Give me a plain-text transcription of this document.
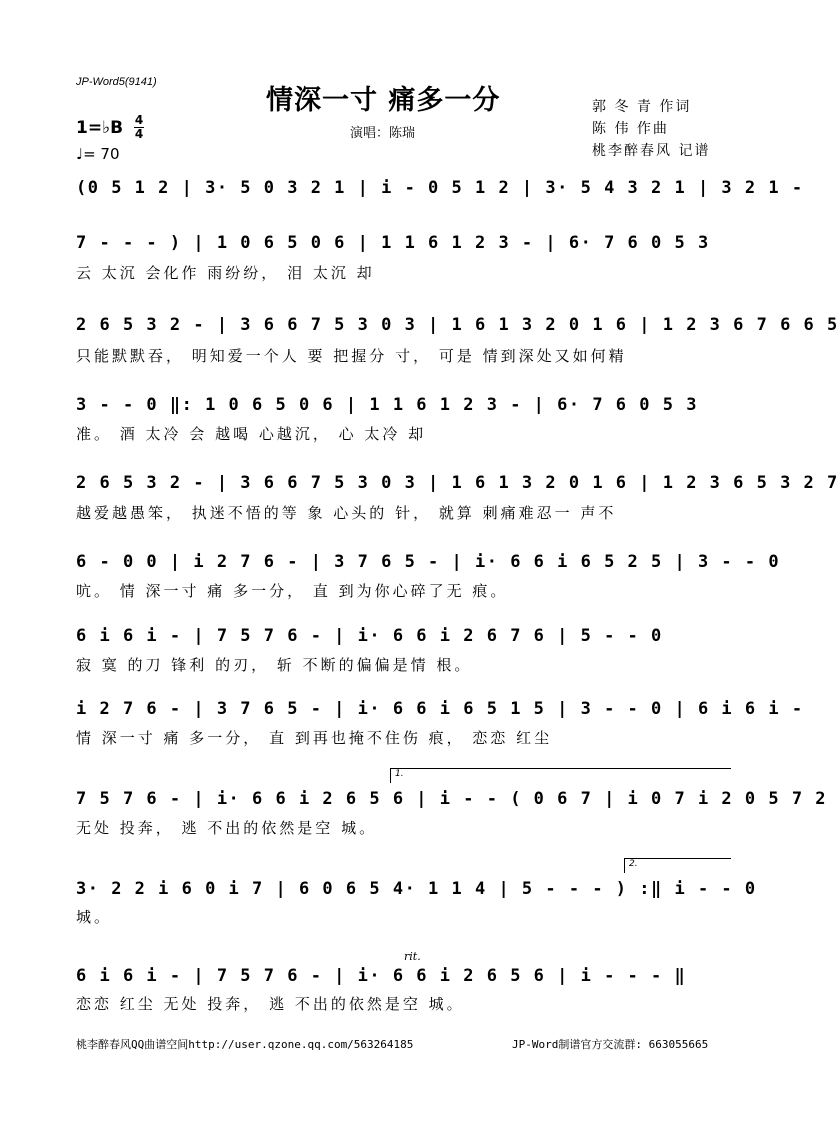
JP-Word5(9141)
情深一寸 痛多一分
演唱：陈瑞
郭 冬 青 作词
陈 伟 作曲
桃李醉春风 记谱
1=♭B 4
4
♩= 70
(0 5 1 2 | 3· 5 0 3 2 1 | i - 0 5 1 2 | 3· 5 4 3 2 1 | 3 2 1 -
7 - - - ) | 1 0 6 5 0 6 | 1 1 6 1 2 3 - | 6· 7 6 0 5 3
云 太沉 会化作 雨纷纷， 泪 太沉 却
2 6 5 3 2 - | 3 6 6 7 5 3 0 3 | 1 6 1 3 2 0 1 6 | 1 2 3 6 7 6 6 5
只能默默吞， 明知爱一个人 要 把握分 寸， 可是 情到深处又如何精
3 - - 0 ‖: 1 0 6 5 0 6 | 1 1 6 1 2 3 - | 6· 7 6 0 5 3
准。 酒 太冷 会 越喝 心越沉， 心 太冷 却
2 6 5 3 2 - | 3 6 6 7 5 3 0 3 | 1 6 1 3 2 0 1 6 | 1 2 3 6 5 3 2 7
越爱越愚笨， 执迷不悟的等 象 心头的 针， 就算 刺痛难忍一 声不
6 - 0 0 | i 2 7 6 - | 3 7 6 5 - | i· 6 6 i 6 5 2 5 | 3 - - 0
吭。 情 深一寸 痛 多一分， 直 到为你心碎了无 痕。
6 i 6 i - | 7 5 7 6 - | i· 6 6 i 2 6 7 6 | 5 - - 0
寂 寞 的刀 锋利 的刃， 斩 不断的偏偏是情 根。
i 2 7 6 - | 3 7 6 5 - | i· 6 6 i 6 5 1 5 | 3 - - 0 | 6 i 6 i -
情 深一寸 痛 多一分， 直 到再也掩不住伤 痕， 恋恋 红尘
1.
7 5 7 6 - | i· 6 6 i 2 6 5 6 | i - - ( 0 6 7 | i 0 7 i 2 0 5 7 2
无处 投奔， 逃 不出的依然是空 城。
2.
3· 2 2 i 6 0 i 7 | 6 0 6 5 4· 1 1 4 | 5 - - - ) :‖ i - - 0
城。
rit.
6 i 6 i - | 7 5 7 6 - | i· 6 6 i 2 6 5 6 | i - - - ‖
恋恋 红尘 无处 投奔， 逃 不出的依然是空 城。
桃李醉春风QQ曲谱空间http://user.qzone.qq.com/563264185	JP-Word制谱官方交流群: 663055665
